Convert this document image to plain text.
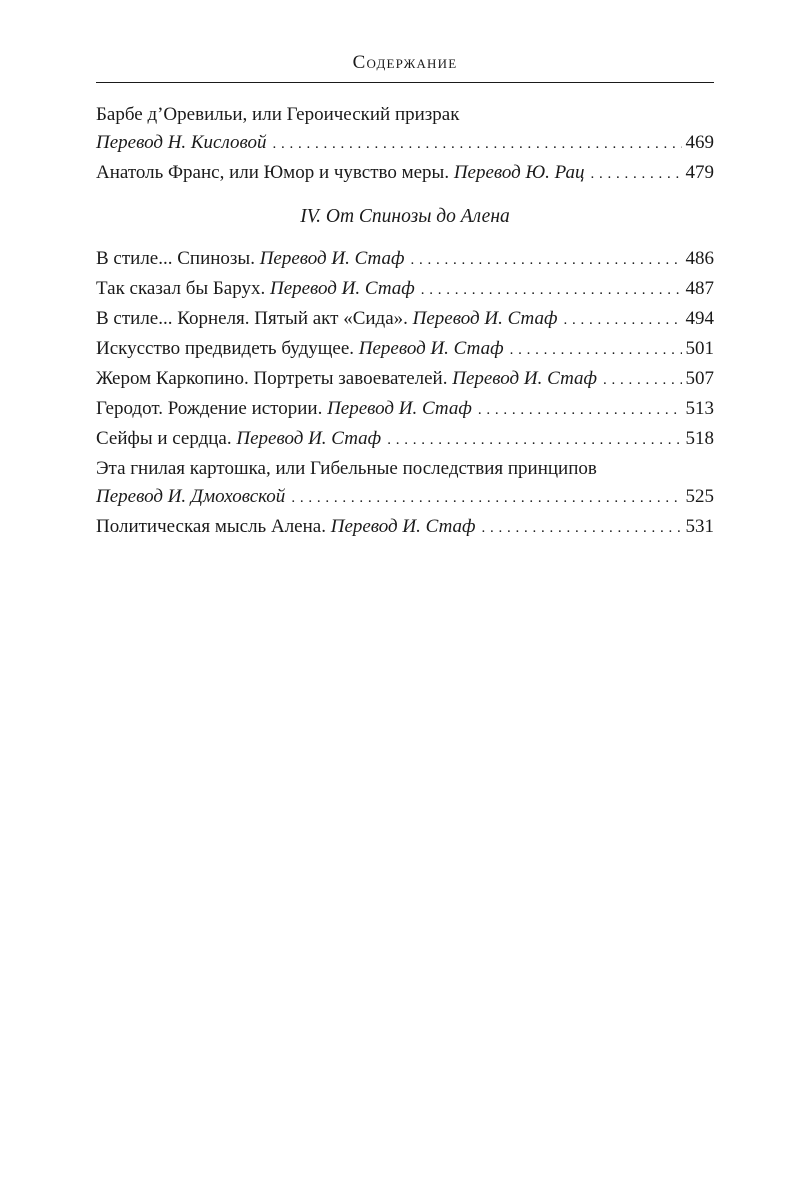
Содержание
Барбе д’Оревильи, или Героический призрак
Перевод Н. Кисловой . . .	469
Анатоль Франс, или Юмор и чувство меры.
Перевод Ю. Рац . . .	479
IV. От Спинозы до Алена
В стиле... Спинозы.
Перевод И. Стаф . . .	486
Так сказал бы Барух.
Перевод И. Стаф . . .	487
В стиле... Корнеля. Пятый акт «Сида».
Перевод И. Стаф . . .	494
Искусство предвидеть будущее.
Перевод И. Стаф . . .	501
Жером Каркопино. Портреты завоевателей.
Перевод И. Стаф . . .	507
Геродот. Рождение истории.
Перевод И. Стаф . . .	513
Сейфы и сердца.
Перевод И. Стаф . . .	518
Эта гнилая картошка, или Гибельные последствия принципов
Перевод И. Дмоховской . . .	525
Политическая мысль Алена.
Перевод И. Стаф . . .	531
